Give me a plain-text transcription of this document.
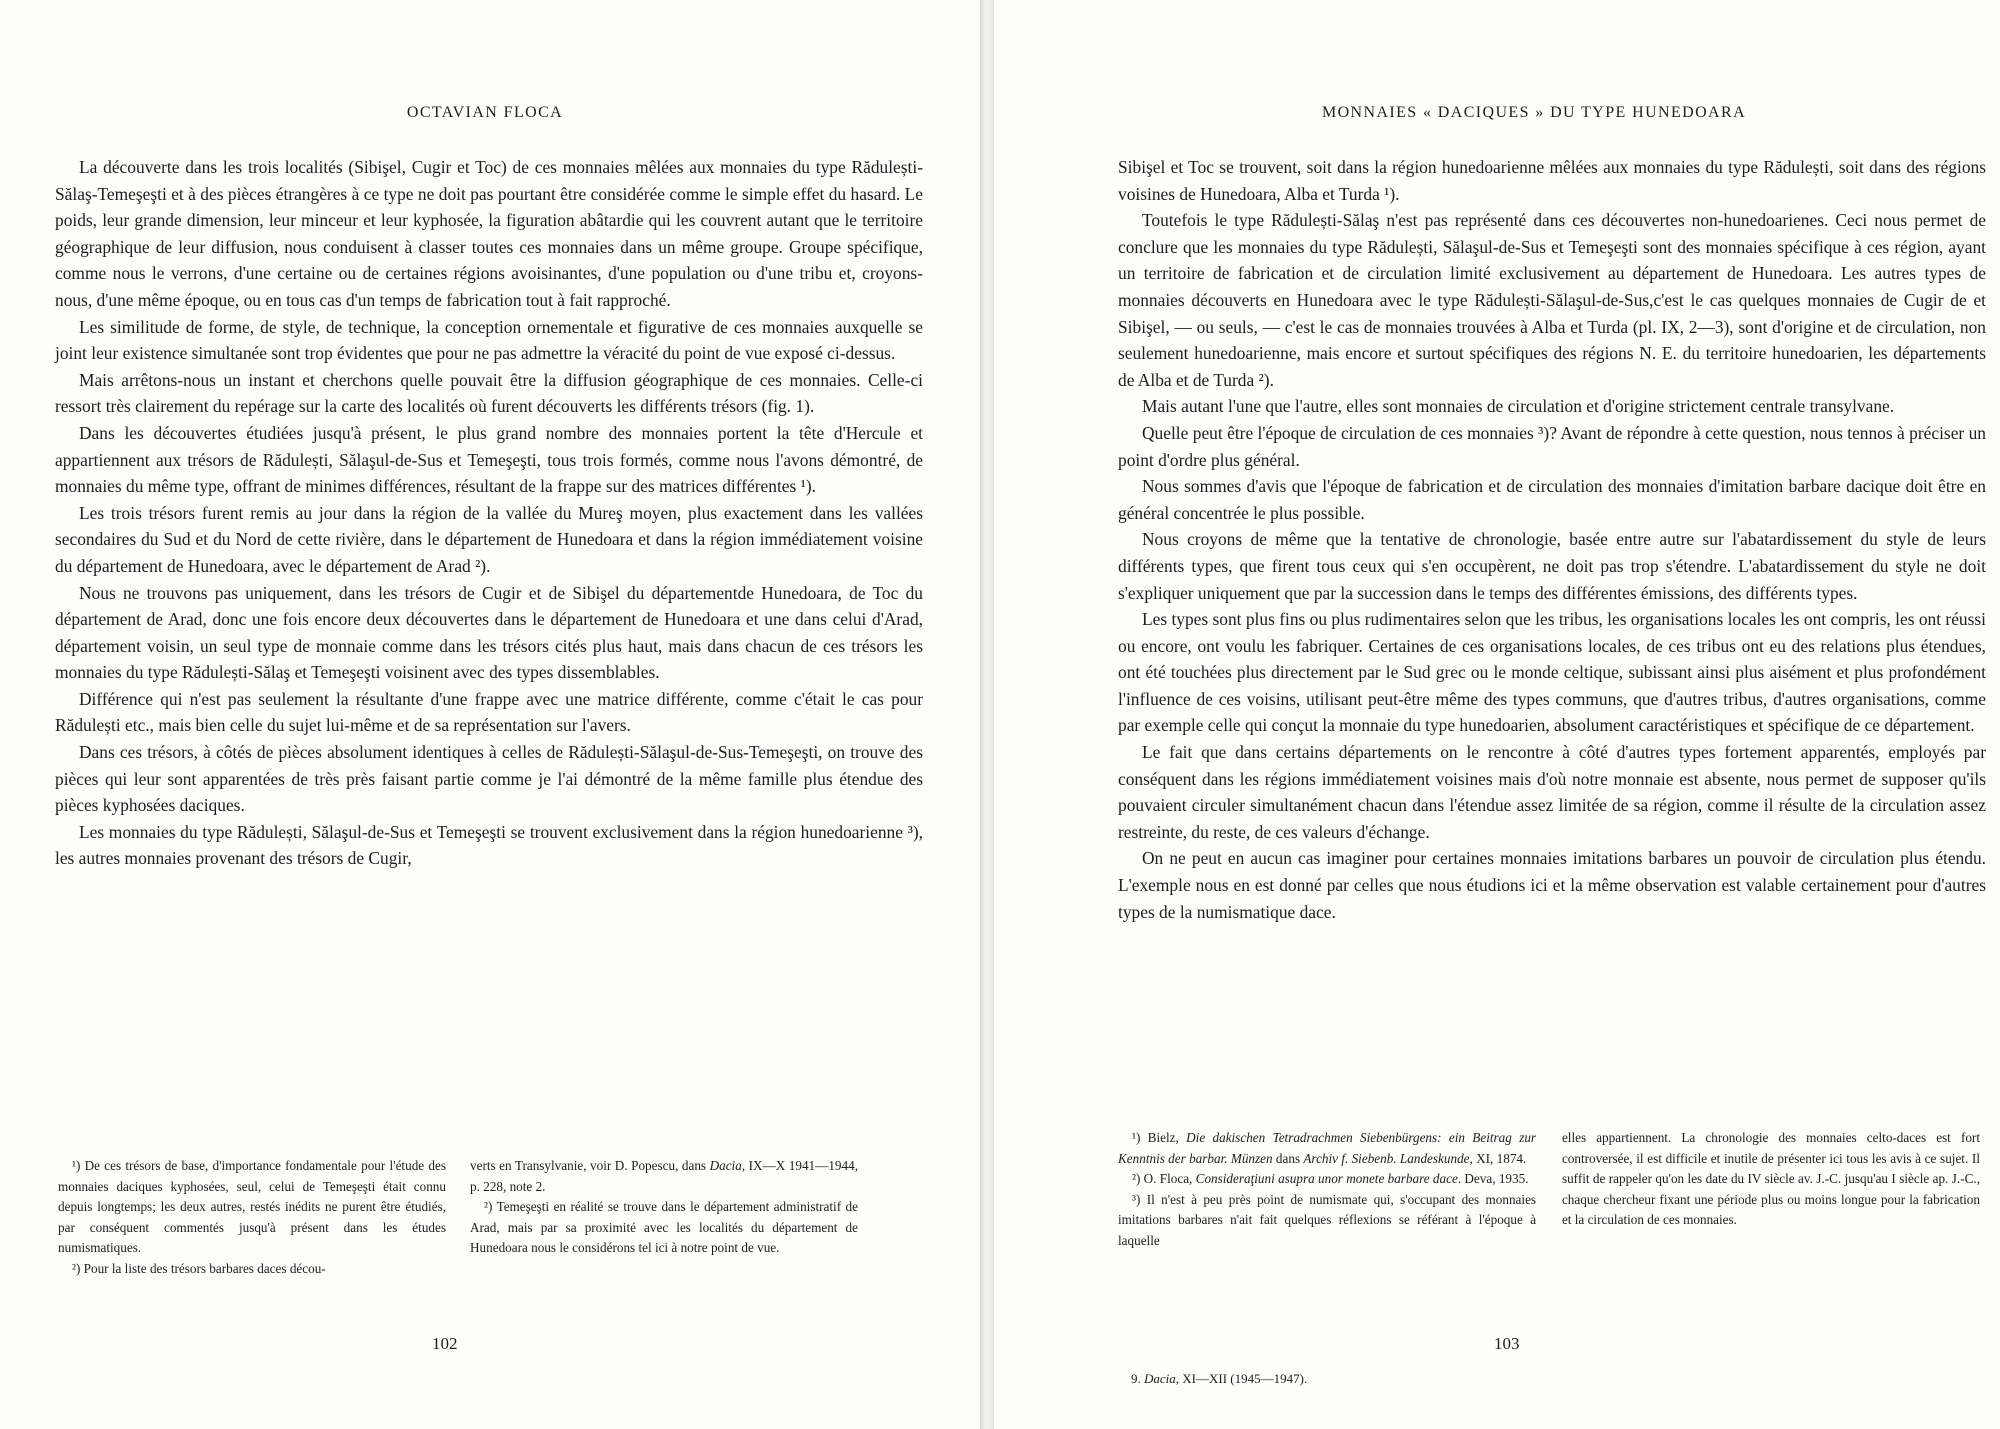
OCTAVIAN FLOCA

La découverte dans les trois localités (Sibişel, Cugir et Toc) de ces monnaies mêlées aux monnaies du type Rădulești-Sălaş-Temeşeşti et à des pièces étrangères à ce type ne doit pas pourtant être considérée comme le simple effet du hasard. Le poids, leur grande dimension, leur minceur et leur kyphosée, la figuration abâtardie qui les couvrent autant que le territoire géographique de leur diffusion, nous conduisent à classer toutes ces monnaies dans un même groupe. Groupe spécifique, comme nous le verrons, d'une certaine ou de certaines régions avoisinantes, d'une population ou d'une tribu et, croyons-nous, d'une même époque, ou en tous cas d'un temps de fabrication tout à fait rapproché.

Les similitude de forme, de style, de technique, la conception ornementale et figurative de ces monnaies auxquelle se joint leur existence simultanée sont trop évidentes que pour ne pas admettre la véracité du point de vue exposé ci-dessus.

Mais arrêtons-nous un instant et cherchons quelle pouvait être la diffusion géographique de ces monnaies. Celle-ci ressort très clairement du repérage sur la carte des localités où furent découverts les différents trésors (fig. 1).

Dans les découvertes étudiées jusqu'à présent, le plus grand nombre des monnaies portent la tête d'Hercule et appartiennent aux trésors de Rădulești, Sălaşul-de-Sus et Temeşeşti, tous trois formés, comme nous l'avons démontré, de monnaies du même type, offrant de minimes différences, résultant de la frappe sur des matrices différentes ¹).

Les trois trésors furent remis au jour dans la région de la vallée du Mureş moyen, plus exactement dans les vallées secondaires du Sud et du Nord de cette rivière, dans le département de Hunedoara et dans la région immédiatement voisine du département de Hunedoara, avec le département de Arad ²).

Nous ne trouvons pas uniquement, dans les trésors de Cugir et de Sibişel du départementde Hunedoara, de Toc du département de Arad, donc une fois encore deux découvertes dans le département de Hunedoara et une dans celui d'Arad, département voisin, un seul type de monnaie comme dans les trésors cités plus haut, mais dans chacun de ces trésors les monnaies du type Rădulești-Sălaş et Temeşeşti voisinent avec des types dissemblables.

Différence qui n'est pas seulement la résultante d'une frappe avec une matrice différente, comme c'était le cas pour Rădulești etc., mais bien celle du sujet lui-même et de sa représentation sur l'avers.

Dans ces trésors, à côtés de pièces absolument identiques à celles de Rădulești-Sălaşul-de-Sus-Temeşeşti, on trouve des pièces qui leur sont apparentées de très près faisant partie comme je l'ai démontré de la même famille plus étendue des pièces kyphosées daciques.

Les monnaies du type Rădulești, Sălaşul-de-Sus et Temeşeşti se trouvent exclusivement dans la région hunedoarienne ³), les autres monnaies provenant des trésors de Cugir,

¹) De ces trésors de base, d'importance fondamentale pour l'étude des monnaies daciques kyphosées, seul, celui de Temeşeşti était connu depuis longtemps; les deux autres, restés inédits ne purent être étudiés, par conséquent commentés jusqu'à présent dans les études numismatiques.

²) Pour la liste des trésors barbares daces décou-

verts en Transylvanie, voir D. Popescu, dans Dacia, IX—X 1941—1944, p. 228, note 2.

²) Temeşeşti en réalité se trouve dans le département administratif de Arad, mais par sa proximité avec les localités du département de Hunedoara nous le considérons tel ici à notre point de vue.

102
MONNAIES « DACIQUES » DU TYPE HUNEDOARA

Sibişel et Toc se trouvent, soit dans la région hunedoarienne mêlées aux monnaies du type Rădulești, soit dans des régions voisines de Hunedoara, Alba et Turda ¹).

Toutefois le type Rădulești-Sălaş n'est pas représenté dans ces découvertes non-hunedoarienes. Ceci nous permet de conclure que les monnaies du type Rădulești, Sălaşul-de-Sus et Temeşeşti sont des monnaies spécifique à ces région, ayant un territoire de fabrication et de circulation limité exclusivement au département de Hunedoara. Les autres types de monnaies découverts en Hunedoara avec le type Rădulești-Sălaşul-de-Sus,c'est le cas quelques monnaies de Cugir de et Sibişel, — ou seuls, — c'est le cas de monnaies trouvées à Alba et Turda (pl. IX, 2—3), sont d'origine et de circulation, non seulement hunedoarienne, mais encore et surtout spécifiques des régions N. E. du territoire hunedoarien, les départements de Alba et de Turda ²).

Mais autant l'une que l'autre, elles sont monnaies de circulation et d'origine strictement centrale transylvane.

Quelle peut être l'époque de circulation de ces monnaies ³)? Avant de répondre à cette question, nous tennos à préciser un point d'ordre plus général.

Nous sommes d'avis que l'époque de fabrication et de circulation des monnaies d'imitation barbare dacique doit être en général concentrée le plus possible.

Nous croyons de même que la tentative de chronologie, basée entre autre sur l'abatardissement du style de leurs différents types, que firent tous ceux qui s'en occupèrent, ne doit pas trop s'étendre. L'abatardissement du style ne doit s'expliquer uniquement que par la succession dans le temps des différentes émissions, des différents types.

Les types sont plus fins ou plus rudimentaires selon que les tribus, les organisations locales les ont compris, les ont réussi ou encore, ont voulu les fabriquer. Certaines de ces organisations locales, de ces tribus ont eu des relations plus étendues, ont été touchées plus directement par le Sud grec ou le monde celtique, subissant ainsi plus aisément et plus profondément l'influence de ces voisins, utilisant peut-être même des types communs, que d'autres tribus, d'autres organisations, comme par exemple celle qui conçut la monnaie du type hunedoarien, absolument caractéristiques et spécifique de ce département.

Le fait que dans certains départements on le rencontre à côté d'autres types fortement apparentés, employés par conséquent dans les régions immédiatement voisines mais d'où notre monnaie est absente, nous permet de supposer qu'ils pouvaient circuler simultanément chacun dans l'étendue assez limitée de sa région, comme il résulte de la circulation assez restreinte, du reste, de ces valeurs d'échange.

On ne peut en aucun cas imaginer pour certaines monnaies imitations barbares un pouvoir de circulation plus étendu. L'exemple nous en est donné par celles que nous étudions ici et la même observation est valable certainement pour d'autres types de la numismatique dace.

¹) Bielz, Die dakischen Tetradrachmen Siebenbürgens: ein Beitrag zur Kenntnis der barbar. Münzen dans Archiv f. Siebenb. Landeskunde, XI, 1874.

²) O. Floca, Consideraţiuni asupra unor monete barbare dace. Deva, 1935.

³) Il n'est à peu près point de numismate qui, s'occupant des monnaies imitations barbares n'ait fait quelques réflexions se référant à l'époque à laquelle

elles appartiennent. La chronologie des monnaies celto-daces est fort controversée, il est difficile et inutile de présenter ici tous les avis à ce sujet. Il suffit de rappeler qu'on les date du IV siècle av. J.-C. jusqu'au I siècle ap. J.-C., chaque chercheur fixant une période plus ou moins longue pour la fabrication et la circulation de ces monnaies.

103
9. Dacia, XI—XII (1945—1947).
